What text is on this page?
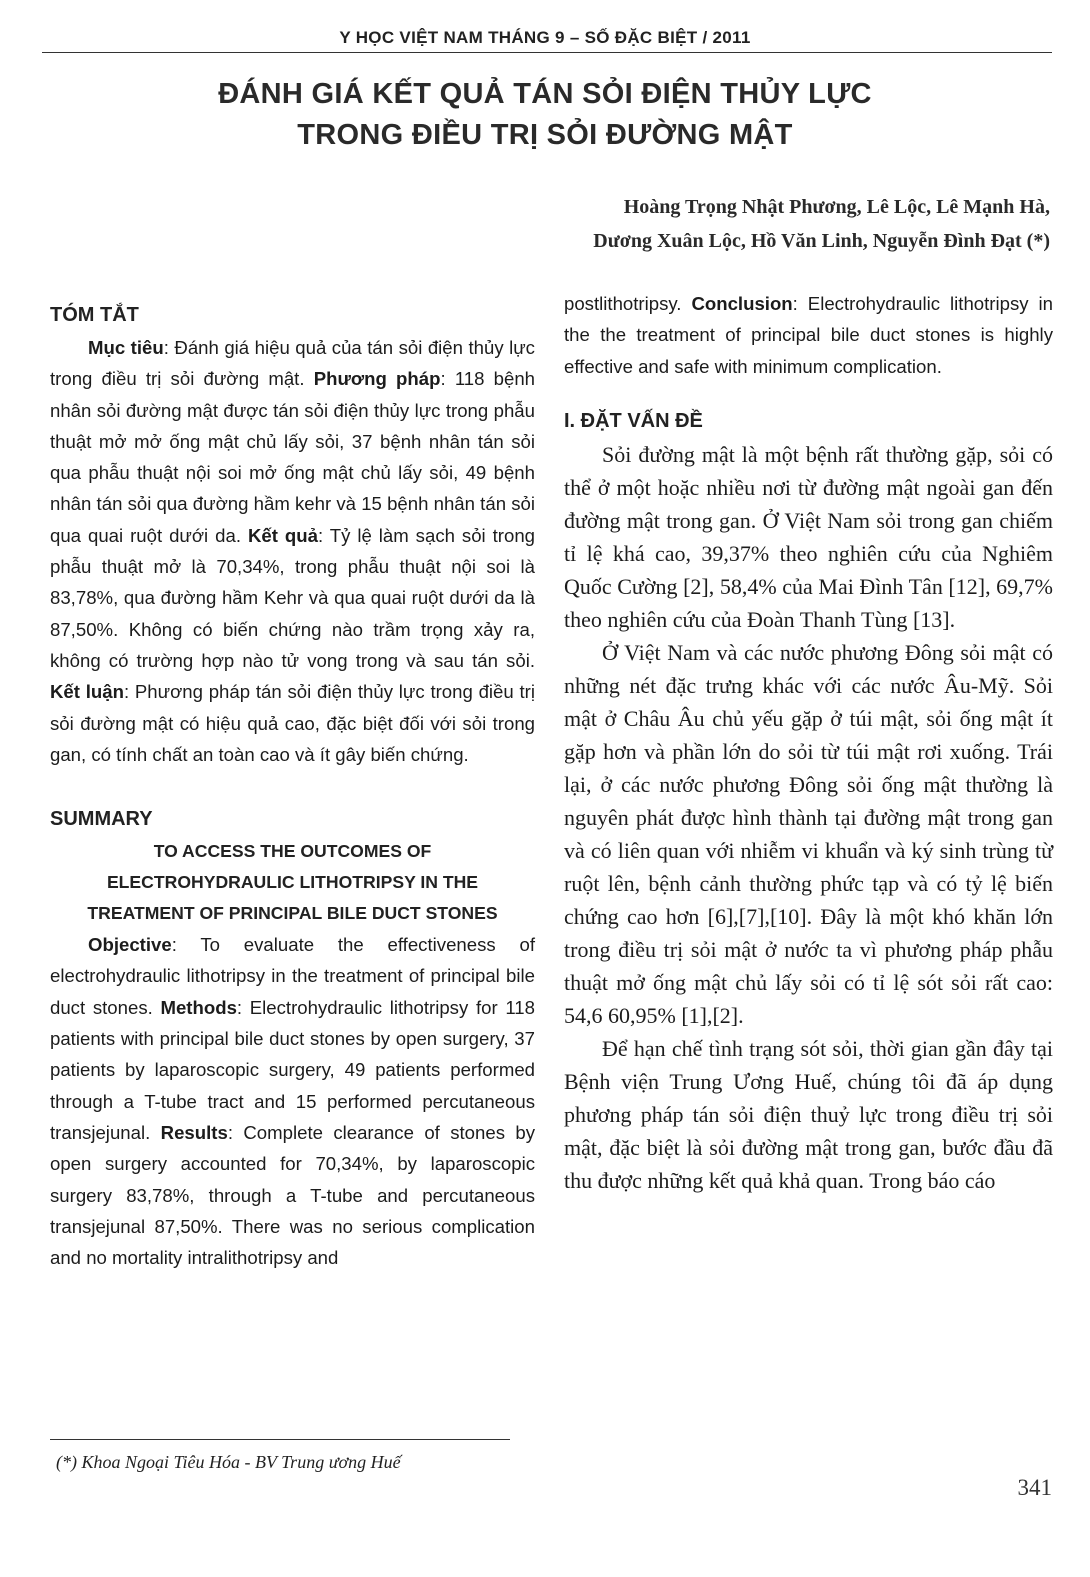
Y HỌC VIỆT NAM THÁNG 9 – SỐ ĐẶC BIỆT / 2011
ĐÁNH GIÁ KẾT QUẢ TÁN SỎI ĐIỆN THỦY LỰC
TRONG ĐIỀU TRỊ SỎI ĐƯỜNG MẬT
Hoàng Trọng Nhật Phương, Lê Lộc, Lê Mạnh Hà,
Dương Xuân Lộc, Hồ Văn Linh, Nguyễn Đình Đạt (*)
TÓM TẮT

Mục tiêu: Đánh giá hiệu quả của tán sỏi điện thủy lực trong điều trị sỏi đường mật. Phương pháp: 118 bệnh nhân sỏi đường mật được tán sỏi điện thủy lực trong phẫu thuật mở mở ống mật chủ lấy sỏi, 37 bệnh nhân tán sỏi qua phẫu thuật nội soi mở ống mật chủ lấy sỏi, 49 bệnh nhân tán sỏi qua đường hầm kehr và 15 bệnh nhân tán sỏi qua quai ruột dưới da. Kết quả: Tỷ lệ làm sạch sỏi trong phẫu thuật mở là 70,34%, trong phẫu thuật nội soi là 83,78%, qua đường hầm Kehr và qua quai ruột dưới da là 87,50%. Không có biến chứng nào trầm trọng xảy ra, không có trường hợp nào tử vong trong và sau tán sỏi. Kết luận: Phương pháp tán sỏi điện thủy lực trong điều trị sỏi đường mật có hiệu quả cao, đặc biệt đối với sỏi trong gan, có tính chất an toàn cao và ít gây biến chứng.

SUMMARY
TO ACCESS THE OUTCOMES OF
ELECTROHYDRAULIC LITHOTRIPSY IN THE
TREATMENT OF PRINCIPAL BILE DUCT STONES

Objective: To evaluate the effectiveness of electrohydraulic lithotripsy in the treatment of principal bile duct stones. Methods: Electrohydraulic lithotripsy for 118 patients with principal bile duct stones by open surgery, 37 patients by laparoscopic surgery, 49 patients performed through a T-tube tract and 15 performed percutaneous transjejunal. Results: Complete clearance of stones by open surgery accounted for 70,34%, by laparoscopic surgery 83,78%, through a T-tube and percutaneous transjejunal 87,50%. There was no serious complication and no mortality intralithotripsy and

postlithotripsy. Conclusion: Electrohydraulic lithotripsy in the the treatment of principal bile duct stones is highly effective and safe with minimum complication.

I. ĐẶT VẤN ĐỀ

Sỏi đường mật là một bệnh rất thường gặp, sỏi có thể ở một hoặc nhiều nơi từ đường mật ngoài gan đến đường mật trong gan. Ở Việt Nam sỏi trong gan chiếm tỉ lệ khá cao, 39,37% theo nghiên cứu của Nghiêm Quốc Cường [2], 58,4% của Mai Đình Tân [12], 69,7% theo nghiên cứu của Đoàn Thanh Tùng [13].

Ở Việt Nam và các nước phương Đông sỏi mật có những nét đặc trưng khác với các nước Âu-Mỹ. Sỏi mật ở Châu Âu chủ yếu gặp ở túi mật, sỏi ống mật ít gặp hơn và phần lớn do sỏi từ túi mật rơi xuống. Trái lại, ở các nước phương Đông sỏi ống mật thường là nguyên phát được hình thành tại đường mật trong gan và có liên quan với nhiễm vi khuẩn và ký sinh trùng từ ruột lên, bệnh cảnh thường phức tạp và có tỷ lệ biến chứng cao hơn [6],[7],[10]. Đây là một khó khăn lớn trong điều trị sỏi mật ở nước ta vì phương pháp phẫu thuật mở ống mật chủ lấy sỏi có tỉ lệ sót sỏi rất cao: 54,6 60,95% [1],[2].

Để hạn chế tình trạng sót sỏi, thời gian gần đây tại Bệnh viện Trung Ương Huế, chúng tôi đã áp dụng phương pháp tán sỏi điện thuỷ lực trong điều trị sỏi mật, đặc biệt là sỏi đường mật trong gan, bước đầu đã thu được những kết quả khả quan. Trong báo cáo

(*) Khoa Ngoại Tiêu Hóa - BV Trung ương Huế
341
